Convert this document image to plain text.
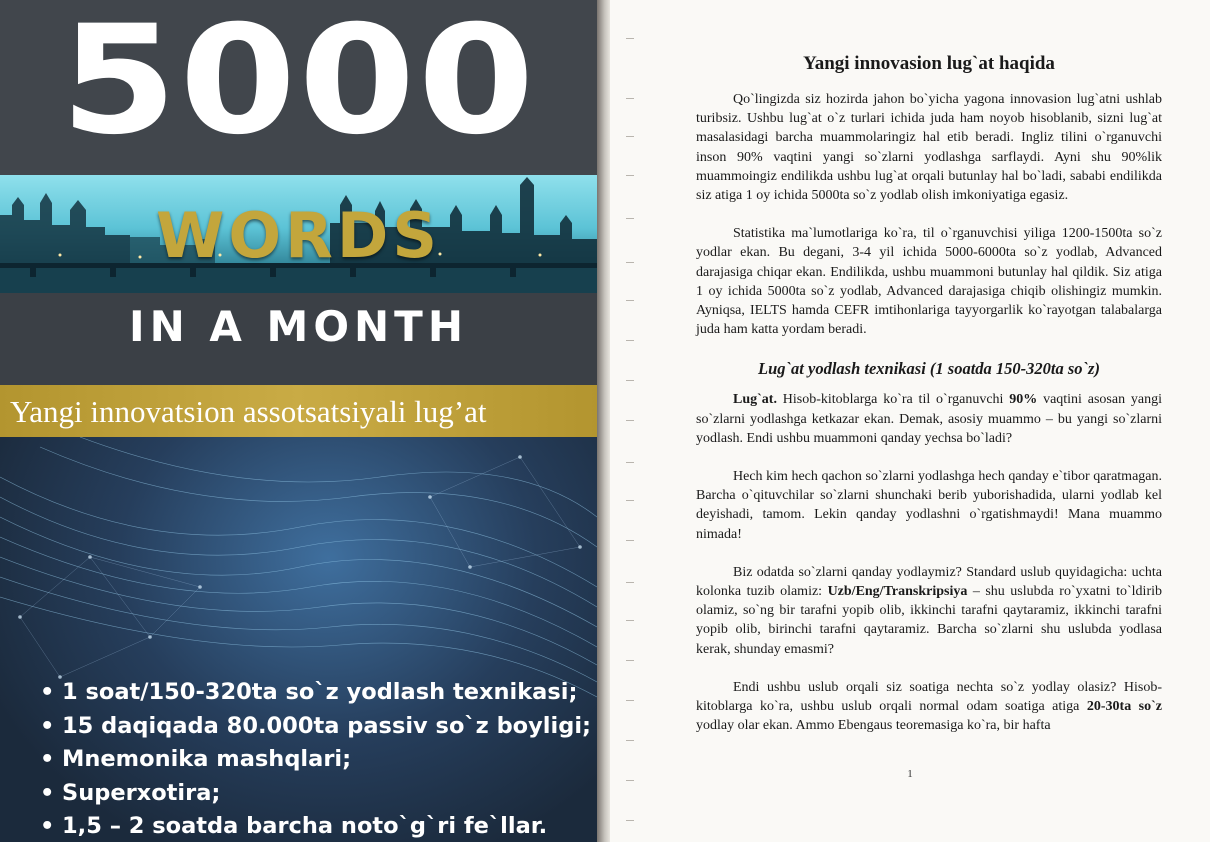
5000
WORDS
IN A MONTH
Yangi innovatsion assotsatsiyali lug’at
• 1 soat/150-320ta so`z yodlash texnikasi;
• 15 daqiqada 80.000ta passiv so`z boyligi;
• Mnemonika mashqlari;
• Superxotira;
• 1,5 – 2 soatda barcha noto`g`ri fe`llar.
Yangi innovasion lug`at haqida

Qo`lingizda siz hozirda jahon bo`yicha yagona innovasion lug`atni ushlab turibsiz. Ushbu lug`at o`z turlari ichida juda ham noyob hisoblanib, sizni lug`at masalasidagi barcha muammolaringiz hal etib beradi. Ingliz tilini o`rganuvchi inson 90% vaqtini yangi so`zlarni yodlashga sarflaydi. Ayni shu 90%lik muammoingiz endilikda ushbu lug`at orqali butunlay hal bo`ladi, sababi endilikda siz atiga 1 oy ichida 5000ta so`z yodlab olish imkoniyatiga egasiz.

Statistika ma`lumotlariga ko`ra, til o`rganuvchisi yiliga 1200-1500ta so`z yodlar ekan. Bu degani, 3-4 yil ichida 5000-6000ta so`z yodlab, Advanced darajasiga chiqar ekan. Endilikda, ushbu muammoni butunlay hal qildik. Siz atiga 1 oy ichida 5000ta so`z yodlab, Advanced darajasiga chiqib olishingiz mumkin. Ayniqsa, IELTS hamda CEFR imtihonlariga tayyorgarlik ko`rayotgan talabalarga juda ham katta yordam beradi.

Lug`at yodlash texnikasi (1 soatda 150-320ta so`z)

Lug`at. Hisob-kitoblarga ko`ra til o`rganuvchi 90% vaqtini asosan yangi so`zlarni yodlashga ketkazar ekan. Demak, asosiy muammo – bu yangi so`zlarni yodlash. Endi ushbu muammoni qanday yechsa bo`ladi?

Hech kim hech qachon so`zlarni yodlashga hech qanday e`tibor qaratmagan. Barcha o`qituvchilar so`zlarni shunchaki berib yuborishadida, ularni yodlab kel deyishadi, tamom. Lekin qanday yodlashni o`rgatishmaydi! Mana muammo nimada!

Biz odatda so`zlarni qanday yodlaymiz? Standard uslub quyidagicha: uchta kolonka tuzib olamiz: Uzb/Eng/Transkripsiya – shu uslubda ro`yxatni to`ldirib olamiz, so`ng bir tarafni yopib olib, ikkinchi tarafni qaytaramiz, ikkinchi tarafni yopib olib, birinchi tarafni qaytaramiz. Barcha so`zlarni shu uslubda yodlasa kerak, shunday emasmi?

Endi ushbu uslub orqali siz soatiga nechta so`z yodlay olasiz? Hisob-kitoblarga ko`ra, ushbu uslub orqali normal odam soatiga atiga 20-30ta so`z yodlay olar ekan. Ammo Ebengaus teoremasiga ko`ra, bir hafta

1
